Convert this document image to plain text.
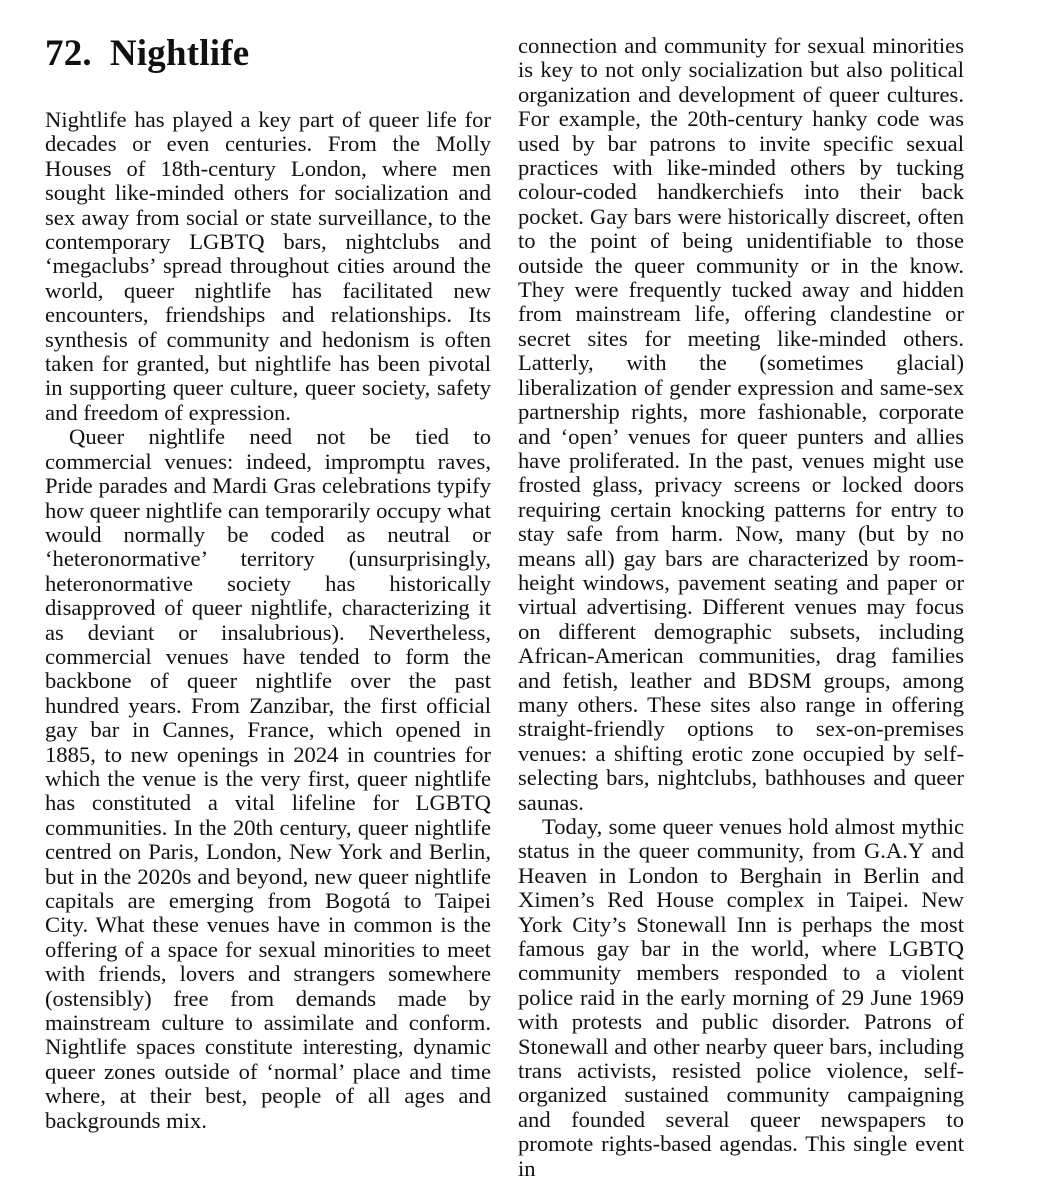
72. Nightlife

Nightlife has played a key part of queer life for decades or even centuries. From the Molly Houses of 18th-century London, where men sought like-minded others for socialization and sex away from social or state surveillance, to the contemporary LGBTQ bars, nightclubs and ‘megaclubs’ spread throughout cities around the world, queer nightlife has facilitated new encounters, friendships and relationships. Its synthesis of community and hedonism is often taken for granted, but nightlife has been pivotal in supporting queer culture, queer society, safety and freedom of expression.

Queer nightlife need not be tied to commercial venues: indeed, impromptu raves, Pride parades and Mardi Gras celebrations typify how queer nightlife can temporarily occupy what would normally be coded as neutral or ‘heteronormative’ territory (unsurprisingly, heteronormative society has historically disapproved of queer nightlife, characterizing it as deviant or insalubrious). Nevertheless, commercial venues have tended to form the backbone of queer nightlife over the past hundred years. From Zanzibar, the first official gay bar in Cannes, France, which opened in 1885, to new openings in 2024 in countries for which the venue is the very first, queer nightlife has constituted a vital lifeline for LGBTQ communities. In the 20th century, queer nightlife centred on Paris, London, New York and Berlin, but in the 2020s and beyond, new queer nightlife capitals are emerging from Bogotá to Taipei City. What these venues have in common is the offering of a space for sexual minorities to meet with friends, lovers and strangers somewhere (ostensibly) free from demands made by mainstream culture to assimilate and conform. Nightlife spaces constitute interesting, dynamic queer zones outside of ‘normal’ place and time where, at their best, people of all ages and backgrounds mix.

connection and community for sexual minorities is key to not only socialization but also political organization and development of queer cultures. For example, the 20th-century hanky code was used by bar patrons to invite specific sexual practices with like-minded others by tucking colour-coded handkerchiefs into their back pocket. Gay bars were historically discreet, often to the point of being unidentifiable to those outside the queer community or in the know. They were frequently tucked away and hidden from mainstream life, offering clandestine or secret sites for meeting like-minded others. Latterly, with the (sometimes glacial) liberalization of gender expression and same-sex partnership rights, more fashionable, corporate and ‘open’ venues for queer punters and allies have proliferated. In the past, venues might use frosted glass, privacy screens or locked doors requiring certain knocking patterns for entry to stay safe from harm. Now, many (but by no means all) gay bars are characterized by room-height windows, pavement seating and paper or virtual advertising. Different venues may focus on different demographic subsets, including African-American communities, drag families and fetish, leather and BDSM groups, among many others. These sites also range in offering straight-friendly options to sex-on-premises venues: a shifting erotic zone occupied by self-selecting bars, nightclubs, bathhouses and queer saunas.

Today, some queer venues hold almost mythic status in the queer community, from G.A.Y and Heaven in London to Berghain in Berlin and Ximen’s Red House complex in Taipei. New York City’s Stonewall Inn is perhaps the most famous gay bar in the world, where LGBTQ community members responded to a violent police raid in the early morning of 29 June 1969 with protests and public disorder. Patrons of Stonewall and other nearby queer bars, including trans activists, resisted police violence, self-organized sustained community campaigning and founded several queer newspapers to promote rights-based agendas. This single event in
